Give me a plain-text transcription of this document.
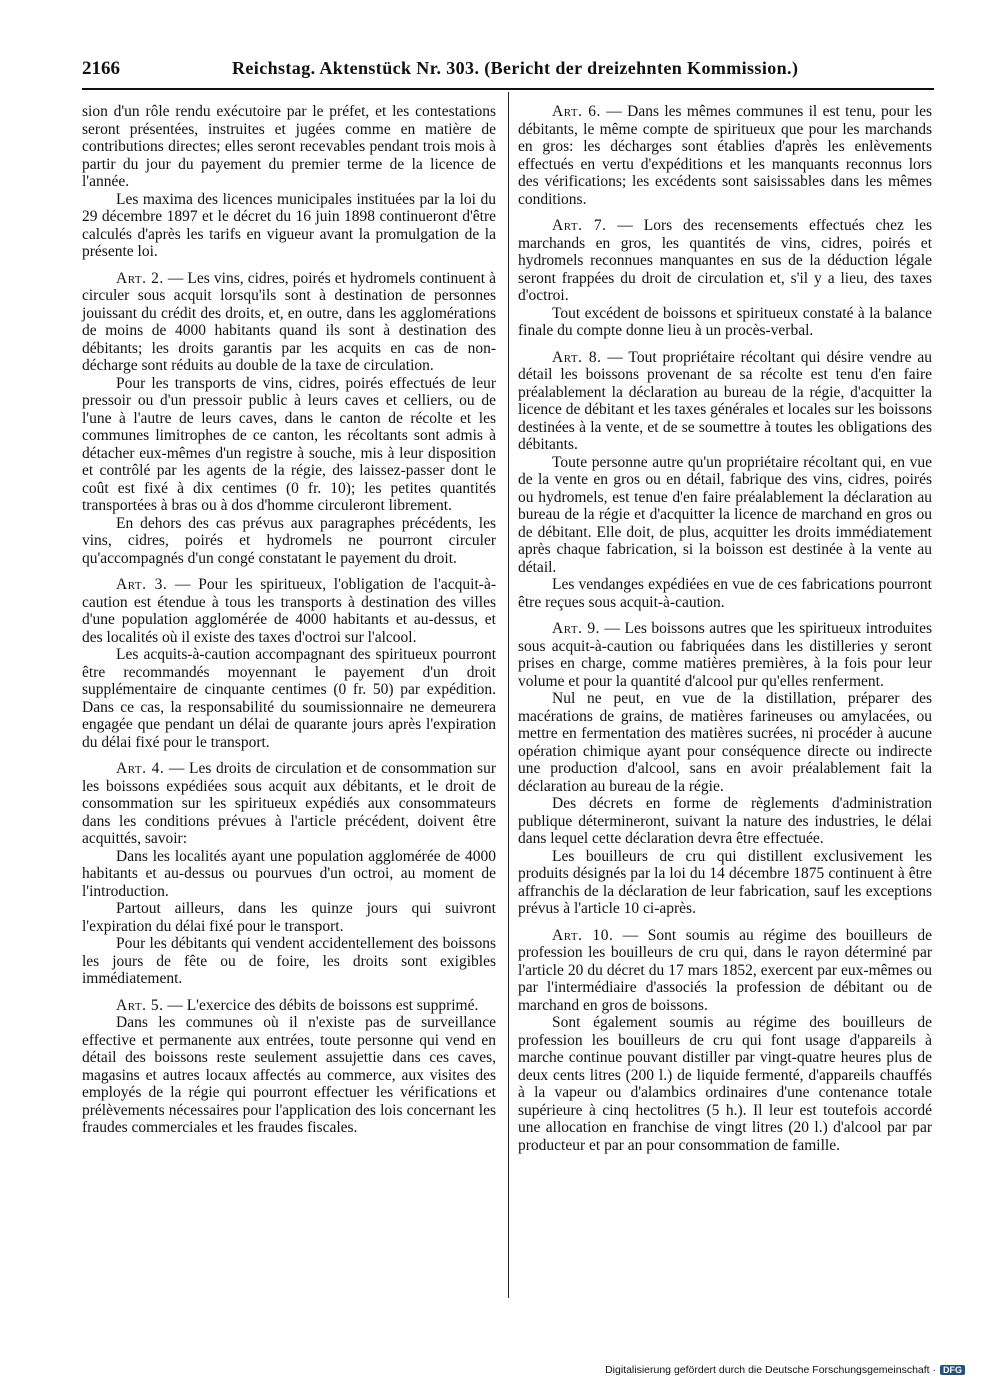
2166	Reichstag. Aktenstück Nr. 303. (Bericht der dreizehnten Kommission.)

sion d'un rôle rendu exécutoire par le préfet, et les contestations seront présentées, instruites et jugées comme en matière de contributions directes; elles seront recevables pendant trois mois à partir du jour du payement du premier terme de la licence de l'année.

Les maxima des licences municipales instituées par la loi du 29 décembre 1897 et le décret du 16 juin 1898 continueront d'être calculés d'après les tarifs en vigueur avant la promulgation de la présente loi.

Art. 2. — Les vins, cidres, poirés et hydromels continuent à circuler sous acquit lorsqu'ils sont à destination de personnes jouissant du crédit des droits, et, en outre, dans les agglomérations de moins de 4000 habitants quand ils sont à destination des débitants; les droits garantis par les acquits en cas de non-décharge sont réduits au double de la taxe de circulation.

Pour les transports de vins, cidres, poirés effectués de leur pressoir ou d'un pressoir public à leurs caves et celliers, ou de l'une à l'autre de leurs caves, dans le canton de récolte et les communes limitrophes de ce canton, les récoltants sont admis à détacher eux-mêmes d'un registre à souche, mis à leur disposition et contrôlé par les agents de la régie, des laissez-passer dont le coût est fixé à dix centimes (0 fr. 10); les petites quantités transportées à bras ou à dos d'homme circuleront librement.

En dehors des cas prévus aux paragraphes précédents, les vins, cidres, poirés et hydromels ne pourront circuler qu'accompagnés d'un congé constatant le payement du droit.

Art. 3. — Pour les spiritueux, l'obligation de l'acquit-à-caution est étendue à tous les transports à destination des villes d'une population agglomérée de 4000 habitants et au-dessus, et des localités où il existe des taxes d'octroi sur l'alcool.

Les acquits-à-caution accompagnant des spiritueux pourront être recommandés moyennant le payement d'un droit supplémentaire de cinquante centimes (0 fr. 50) par expédition. Dans ce cas, la responsabilité du soumissionnaire ne demeurera engagée que pendant un délai de quarante jours après l'expiration du délai fixé pour le transport.

Art. 4. — Les droits de circulation et de consommation sur les boissons expédiées sous acquit aux débitants, et le droit de consommation sur les spiritueux expédiés aux consommateurs dans les conditions prévues à l'article précédent, doivent être acquittés, savoir:

Dans les localités ayant une population agglomérée de 4000 habitants et au-dessus ou pourvues d'un octroi, au moment de l'introduction.

Partout ailleurs, dans les quinze jours qui suivront l'expiration du délai fixé pour le transport.

Pour les débitants qui vendent accidentellement des boissons les jours de fête ou de foire, les droits sont exigibles immédiatement.

Art. 5. — L'exercice des débits de boissons est supprimé.

Dans les communes où il n'existe pas de surveillance effective et permanente aux entrées, toute personne qui vend en détail des boissons reste seulement assujettie dans ces caves, magasins et autres locaux affectés au commerce, aux visites des employés de la régie qui pourront effectuer les vérifications et prélèvements nécessaires pour l'application des lois concernant les fraudes commerciales et les fraudes fiscales.

Art. 6. — Dans les mêmes communes il est tenu, pour les débitants, le même compte de spiritueux que pour les marchands en gros: les décharges sont établies d'après les enlèvements effectués en vertu d'expéditions et les manquants reconnus lors des vérifications; les excédents sont saisissables dans les mêmes conditions.

Art. 7. — Lors des recensements effectués chez les marchands en gros, les quantités de vins, cidres, poirés et hydromels reconnues manquantes en sus de la déduction légale seront frappées du droit de circulation et, s'il y a lieu, des taxes d'octroi.

Tout excédent de boissons et spiritueux constaté à la balance finale du compte donne lieu à un procès-verbal.

Art. 8. — Tout propriétaire récoltant qui désire vendre au détail les boissons provenant de sa récolte est tenu d'en faire préalablement la déclaration au bureau de la régie, d'acquitter la licence de débitant et les taxes générales et locales sur les boissons destinées à la vente, et de se soumettre à toutes les obligations des débitants.

Toute personne autre qu'un propriétaire récoltant qui, en vue de la vente en gros ou en détail, fabrique des vins, cidres, poirés ou hydromels, est tenue d'en faire préalablement la déclaration au bureau de la régie et d'acquitter la licence de marchand en gros ou de débitant. Elle doit, de plus, acquitter les droits immédiatement après chaque fabrication, si la boisson est destinée à la vente au détail.

Les vendanges expédiées en vue de ces fabrications pourront être reçues sous acquit-à-caution.

Art. 9. — Les boissons autres que les spiritueux introduites sous acquit-à-caution ou fabriquées dans les distilleries y seront prises en charge, comme matières premières, à la fois pour leur volume et pour la quantité d'alcool pur qu'elles renferment.

Nul ne peut, en vue de la distillation, préparer des macérations de grains, de matières farineuses ou amylacées, ou mettre en fermentation des matières sucrées, ni procéder à aucune opération chimique ayant pour conséquence directe ou indirecte une production d'alcool, sans en avoir préalablement fait la déclaration au bureau de la régie.

Des décrets en forme de règlements d'administration publique détermineront, suivant la nature des industries, le délai dans lequel cette déclaration devra être effectuée.

Les bouilleurs de cru qui distillent exclusivement les produits désignés par la loi du 14 décembre 1875 continuent à être affranchis de la déclaration de leur fabrication, sauf les exceptions prévus à l'article 10 ci-après.

Art. 10. — Sont soumis au régime des bouilleurs de profession les bouilleurs de cru qui, dans le rayon déterminé par l'article 20 du décret du 17 mars 1852, exercent par eux-mêmes ou par l'intermédiaire d'associés la profession de débitant ou de marchand en gros de boissons.

Sont également soumis au régime des bouilleurs de profession les bouilleurs de cru qui font usage d'appareils à marche continue pouvant distiller par vingt-quatre heures plus de deux cents litres (200 l.) de liquide fermenté, d'appareils chauffés à la vapeur ou d'alambics ordinaires d'une contenance totale supérieure à cinq hectolitres (5 h.). Il leur est toutefois accordé une allocation en franchise de vingt litres (20 l.) d'alcool par par producteur et par an pour consommation de famille.

Digitalisierung gefördert durch die Deutsche Forschungsgemeinschaft · DFG
